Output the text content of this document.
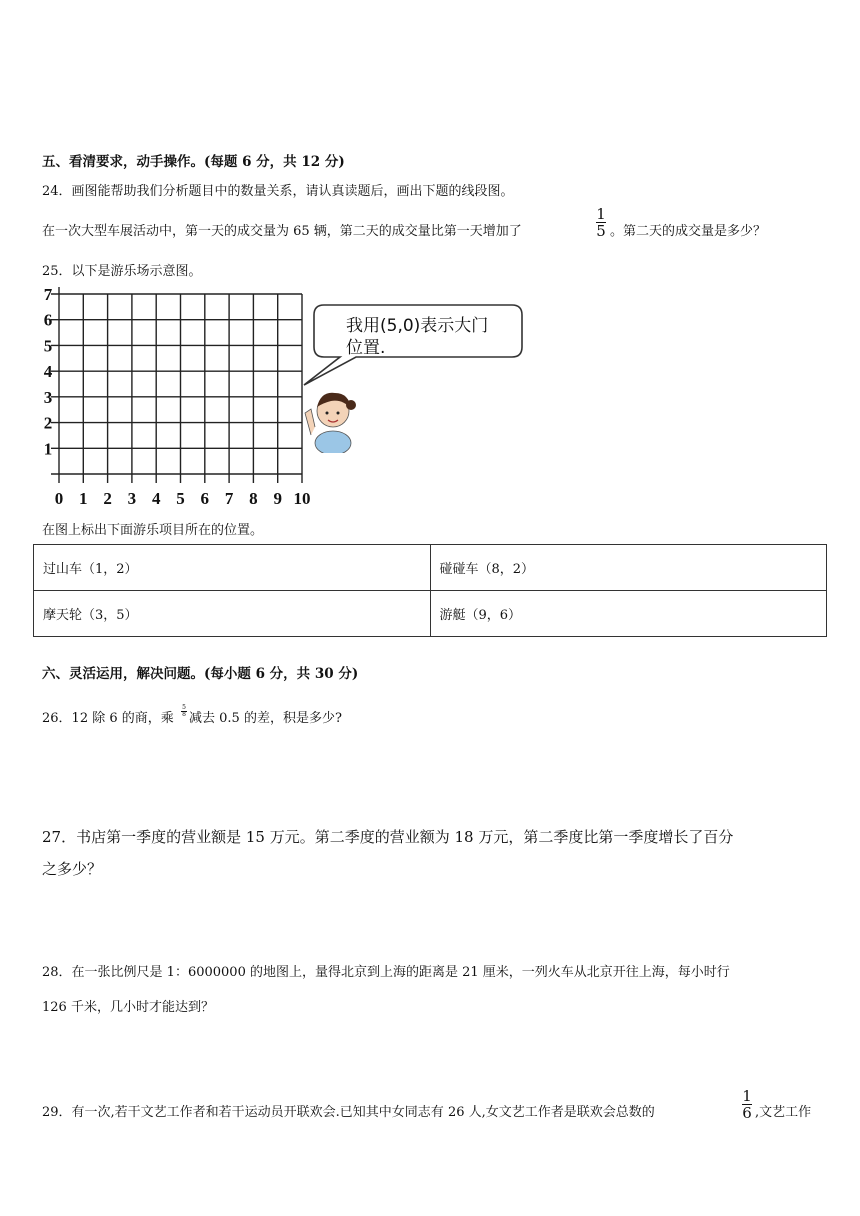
五、看清要求，动手操作。(每题 6 分，共 12 分)
24．画图能帮助我们分析题目中的数量关系，请认真读题后，画出下题的线段图。
在一次大型车展活动中，第一天的成交量为 65 辆，第二天的成交量比第一天增加了
1
5 。第二天的成交量是多少？
25．以下是游乐场示意图。
0 1 2 3 4 5 6 7 8 9 10
1
2
3
4
5
6
7
我用(5,0)表示大门
位置.
在图上标出下面游乐项目所在的位置。
过山车（1，2）	碰碰车（8，2）
摩天轮（3，5）	游艇（9，6）
六、灵活运用，解决问题。(每小题 6 分，共 30 分)
26．12 除 6 的商，乘
5
8 减去 0.5 的差，积是多少?
27．书店第一季度的营业额是 15 万元。第二季度的营业额为 18 万元，第二季度比第一季度增长了百分
之多少？
28．在一张比例尺是 1：6000000 的地图上，量得北京到上海的距离是 21 厘米，一列火车从北京开往上海，每小时行
126 千米，几小时才能达到？
29．有一次,若干文艺工作者和若干运动员开联欢会.已知其中女同志有 26 人,女文艺工作者是联欢会总数的
1
6 ,文艺工作
